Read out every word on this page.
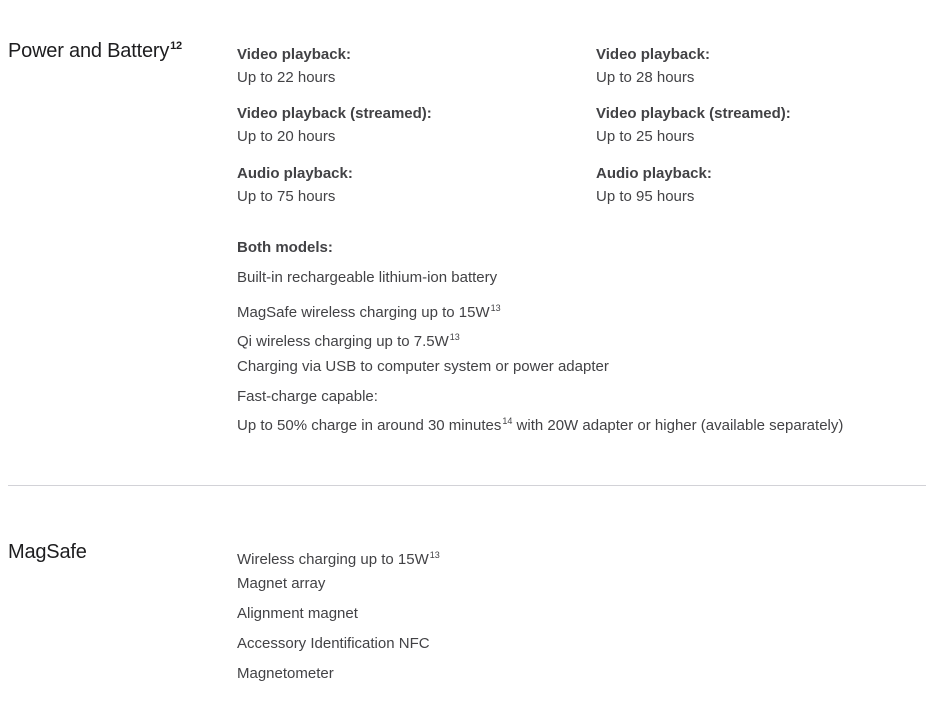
Power and Battery$^{12}$	Video playback:
Up to 22 hours
Video playback (streamed):
Up to 20 hours
Audio playback:
Up to 75 hours
Video playback:
Up to 28 hours
Video playback (streamed):
Up to 25 hours
Audio playback:
Up to 95 hours
Both models:
Built-in rechargeable lithium-ion battery
MagSafe wireless charging up to 15W$^{13}$
Qi wireless charging up to 7.5W$^{13}$
Charging via USB to computer system or power adapter
Fast-charge capable:
Up to 50% charge in around 30 minutes$^{14}$ with 20W adapter or higher (available separately)
MagSafe	Wireless charging up to 15W$^{13}$
Magnet array
Alignment magnet
Accessory Identification NFC
Magnetometer
